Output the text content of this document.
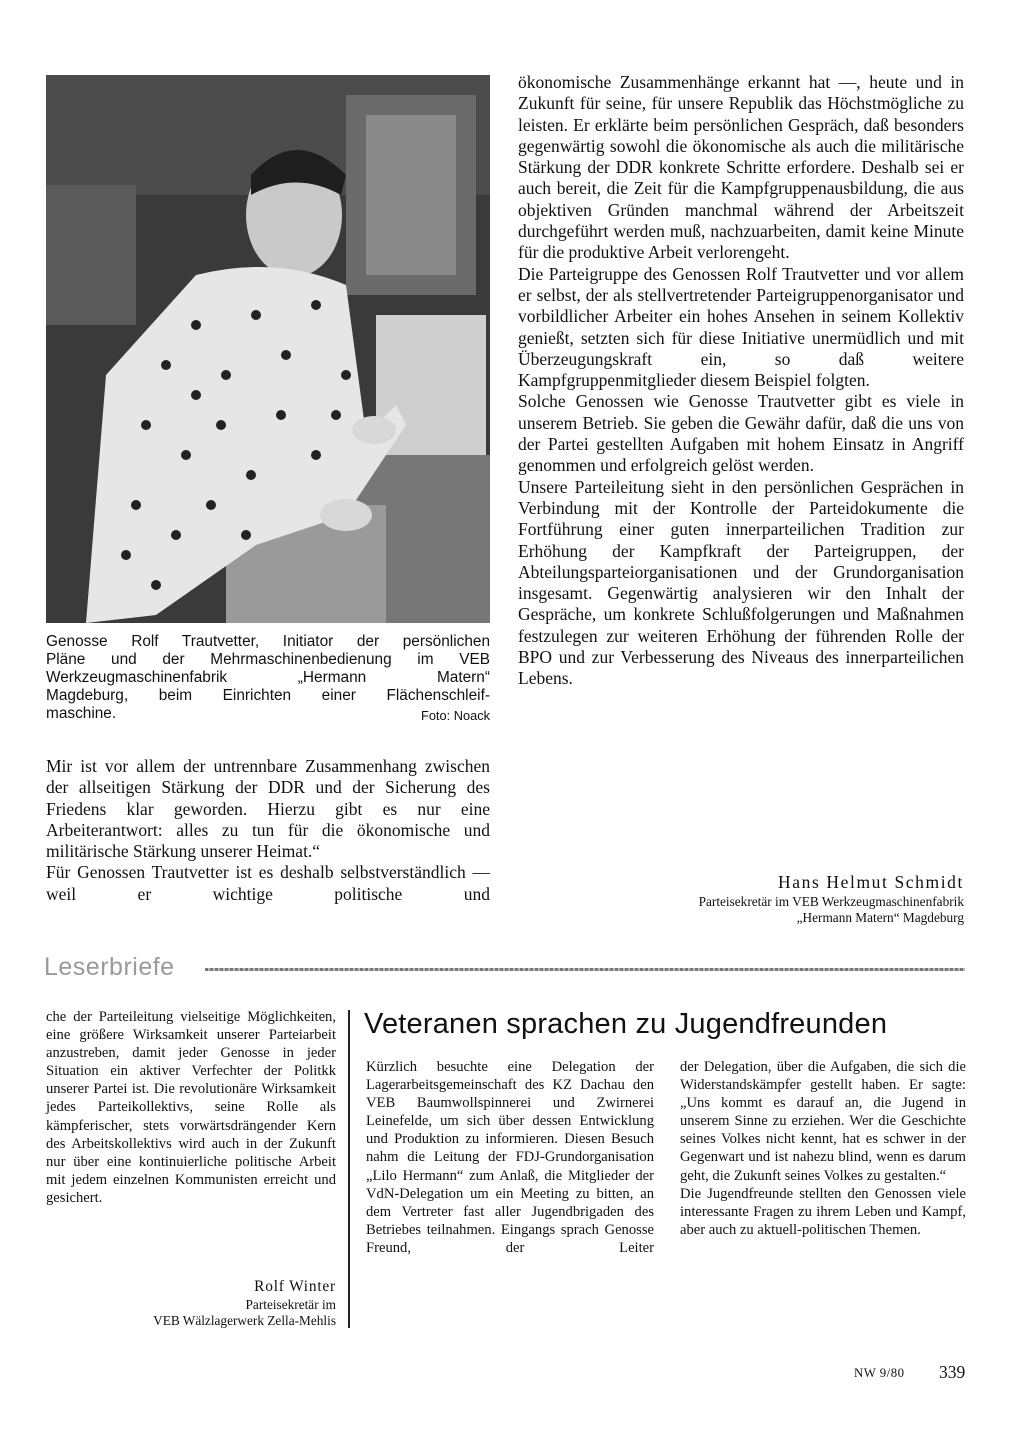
Genosse Rolf Trautvetter, Initiator der persönlichen
Pläne und der Mehrmaschinenbedienung im VEB
Werkzeugmaschinenfabrik „Hermann Matern“
Magdeburg, beim Einrichten einer Flächenschleif-
maschine.	Foto: Noack

Mir ist vor allem der untrennbare Zusammenhang zwischen der allseitigen Stärkung der DDR und der Sicherung des Friedens klar geworden. Hierzu gibt es nur eine Arbeiterantwort: alles zu tun für die ökonomische und militärische Stärkung unserer Heimat.“

Für Genossen Trautvetter ist es deshalb selbstverständlich — weil er wichtige politische und

ökonomische Zusammenhänge erkannt hat —, heute und in Zukunft für seine, für unsere Republik das Höchstmögliche zu leisten. Er erklärte beim persönlichen Gespräch, daß besonders gegenwärtig sowohl die ökonomische als auch die militärische Stärkung der DDR konkrete Schritte erfordere. Deshalb sei er auch bereit, die Zeit für die Kampfgruppenausbildung, die aus objektiven Gründen manchmal während der Arbeitszeit durchgeführt werden muß, nachzuarbeiten, damit keine Minute für die produktive Arbeit verlorengeht.

Die Parteigruppe des Genossen Rolf Trautvetter und vor allem er selbst, der als stellvertretender Parteigruppenorganisator und vorbildlicher Arbeiter ein hohes Ansehen in seinem Kollektiv genießt, setzten sich für diese Initiative unermüdlich und mit Überzeugungskraft ein, so daß weitere Kampfgruppenmitglieder diesem Beispiel folgten.

Solche Genossen wie Genosse Trautvetter gibt es viele in unserem Betrieb. Sie geben die Gewähr dafür, daß die uns von der Partei gestellten Aufgaben mit hohem Einsatz in Angriff genommen und erfolgreich gelöst werden.

Unsere Parteileitung sieht in den persönlichen Gesprächen in Verbindung mit der Kontrolle der Parteidokumente die Fortführung einer guten innerparteilichen Tradition zur Erhöhung der Kampfkraft der Parteigruppen, der Abteilungsparteiorganisationen und der Grundorganisation insgesamt. Gegenwärtig analysieren wir den Inhalt der Gespräche, um konkrete Schlußfolgerungen und Maßnahmen festzulegen zur weiteren Erhöhung der führenden Rolle der BPO und zur Verbesserung des Niveaus des innerparteilichen Lebens.

Hans Helmut Schmidt
Parteisekretär im VEB Werkzeugmaschinenfabrik
„Hermann Matern“ Magdeburg
Leserbriefe

che der Parteileitung vielseitige Möglichkeiten, eine größere Wirksamkeit unserer Parteiarbeit anzustreben, damit jeder Genosse in jeder Situation ein aktiver Verfechter der Politkk unserer Partei ist. Die revolutionäre Wirksamkeit jedes Parteikollektivs, seine Rolle als kämpferischer, stets vorwärtsdrängender Kern des Arbeitskollektivs wird auch in der Zukunft nur über eine kontinuierliche politische Arbeit mit jedem einzelnen Kommunisten erreicht und gesichert.

Rolf Winter
Parteisekretär im
VEB Wälzlagerwerk Zella-Mehlis
Veteranen sprachen zu Jugendfreunden

Kürzlich besuchte eine Delegation der Lagerarbeitsgemeinschaft des KZ Dachau den VEB Baumwollspinnerei und Zwirnerei Leinefelde, um sich über dessen Entwicklung und Produktion zu informieren. Diesen Besuch nahm die Leitung der FDJ-Grundorganisation „Lilo Hermann“ zum Anlaß, die Mitglieder der VdN-Delegation um ein Meeting zu bitten, an dem Vertreter fast aller Jugendbrigaden des Betriebes teilnahmen. Eingangs sprach Genosse Freund, der Leiter

der Delegation, über die Aufgaben, die sich die Widerstandskämpfer gestellt haben. Er sagte: „Uns kommt es darauf an, die Jugend in unserem Sinne zu erziehen. Wer die Geschichte seines Volkes nicht kennt, hat es schwer in der Gegenwart und ist nahezu blind, wenn es darum geht, die Zukunft seines Volkes zu gestalten.“

Die Jugendfreunde stellten den Genossen viele interessante Fragen zu ihrem Leben und Kampf, aber auch zu aktuell-politischen Themen.

NW 9/80 339
